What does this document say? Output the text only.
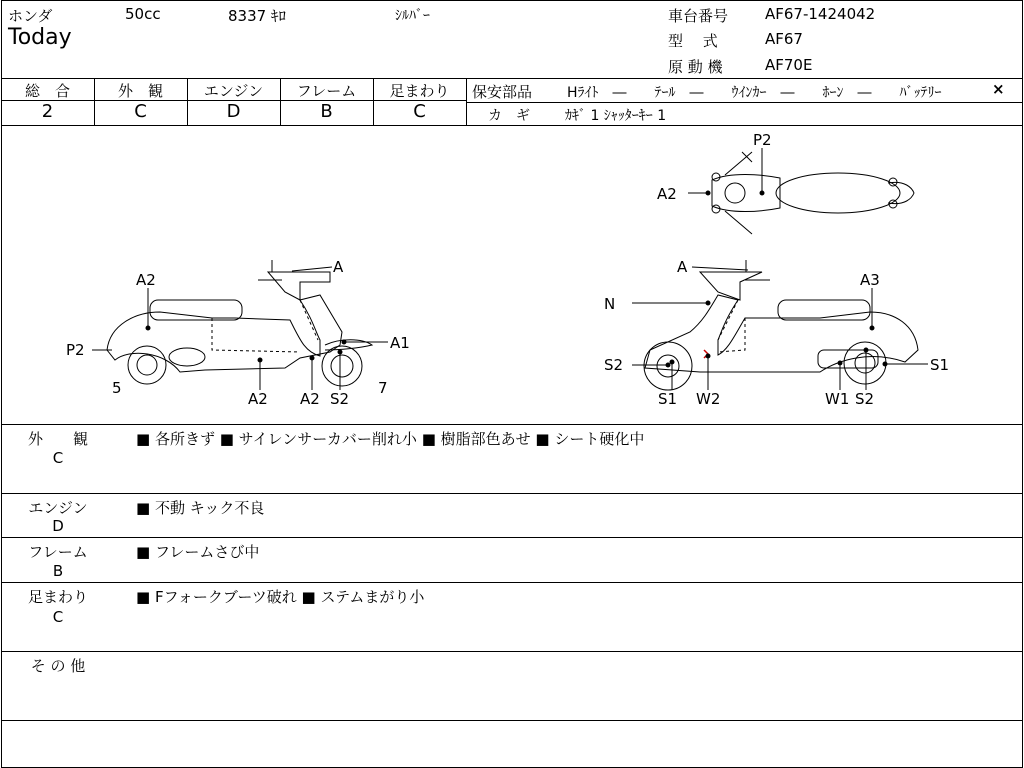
ホンダ	50cc	8337 ｷﾛ	ｼﾙﾊﾞｰ
Today
車台番号 AF67-1424042
型　 式	AF67
原 動 機	AF70E
総　合	外　観	エンジン	フレーム	足まわり
2	C	D	B	C
保安部品 Hﾗｲﾄ　―　　ﾃｰﾙ　―　　ｳｲﾝｶｰ　―　　ﾎｰﾝ　―　　ﾊﾞｯﾃﾘｰ	×
カ　ギ	ｶｷﾞ 1 ｼｬｯﾀｰｷｰ 1
A2
A
P2	A1
5	7
A2 A2 S2
P2
A2
A
A3
N
S2	S1
W2	W1 S2
S1
外　　観
C
■ 各所きず ■ サイレンサーカバー削れ小 ■ 樹脂部色あせ ■ シート硬化中
エンジン
D
■ 不動 キック不良
フレーム
B
■ フレームさび中
足まわり
C
■ Fフォークブーツ破れ ■ ステムまがり小
そ の 他
